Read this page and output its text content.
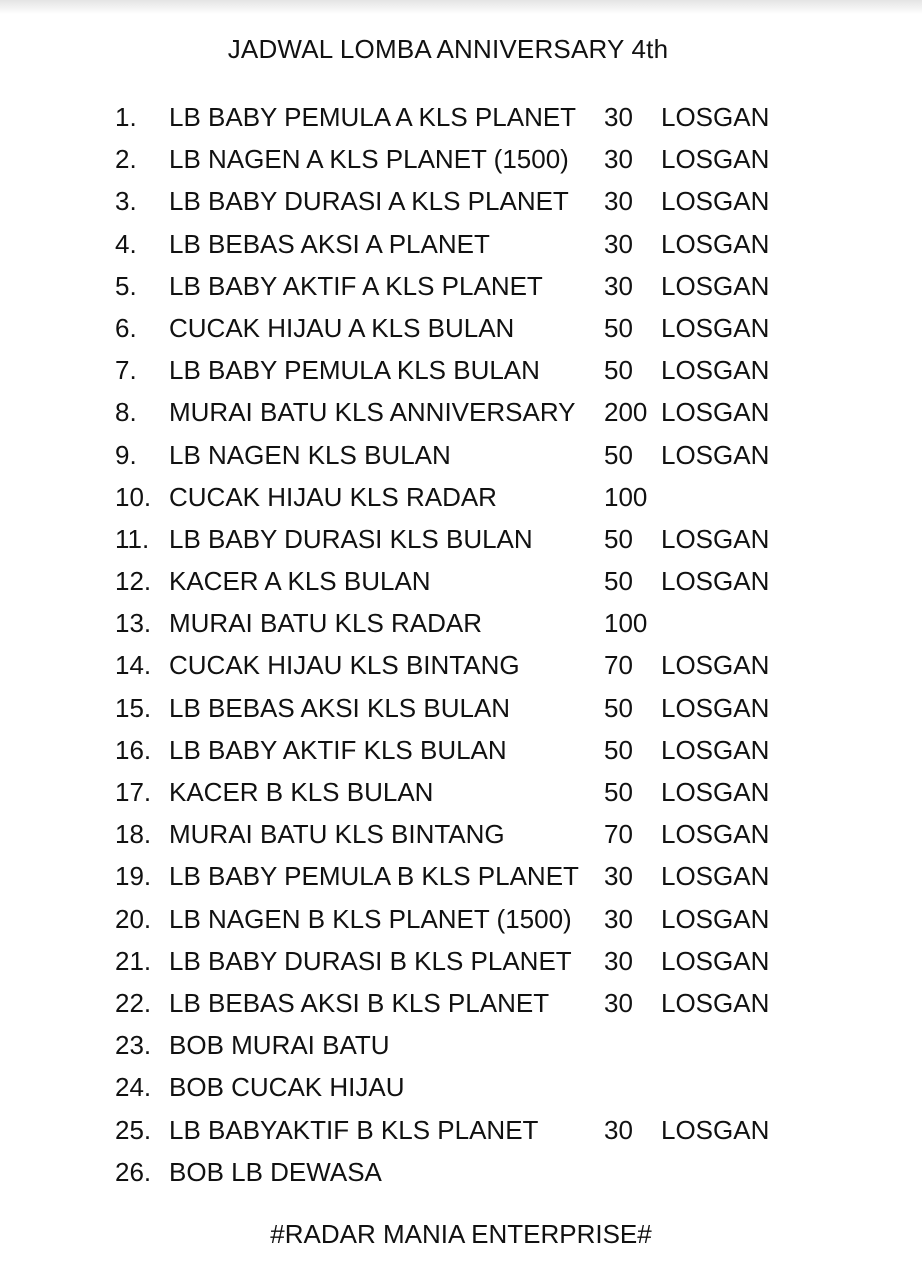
JADWAL LOMBA ANNIVERSARY 4th
1. LB BABY PEMULA A KLS PLANET 30 LOSGAN
2. LB NAGEN A KLS PLANET (1500) 30 LOSGAN
3. LB BABY DURASI A KLS PLANET 30 LOSGAN
4. LB BEBAS AKSI A PLANET	30 LOSGAN
5. LB BABY AKTIF A KLS PLANET 30 LOSGAN
6. CUCAK HIJAU A KLS BULAN	50 LOSGAN
7. LB BABY PEMULA KLS BULAN 50 LOSGAN
8. MURAI BATU KLS ANNIVERSARY 200 LOSGAN
9. LB NAGEN KLS BULAN	50 LOSGAN
10. CUCAK HIJAU KLS RADAR	100
11. LB BABY DURASI KLS BULAN	50 LOSGAN
12. KACER A KLS BULAN	50 LOSGAN
13. MURAI BATU KLS RADAR	100
14. CUCAK HIJAU KLS BINTANG	70 LOSGAN
15. LB BEBAS AKSI KLS BULAN	50 LOSGAN
16. LB BABY AKTIF KLS BULAN	50 LOSGAN
17. KACER B KLS BULAN	50 LOSGAN
18. MURAI BATU KLS BINTANG	70 LOSGAN
19. LB BABY PEMULA B KLS PLANET 30 LOSGAN
20. LB NAGEN B KLS PLANET (1500) 30 LOSGAN
21. LB BABY DURASI B KLS PLANET 30 LOSGAN
22. LB BEBAS AKSI B KLS PLANET 30 LOSGAN
23. BOB MURAI BATU
24. BOB CUCAK HIJAU
25. LB BABYAKTIF B KLS PLANET	30 LOSGAN
26. BOB LB DEWASA
#RADAR MANIA ENTERPRISE#
